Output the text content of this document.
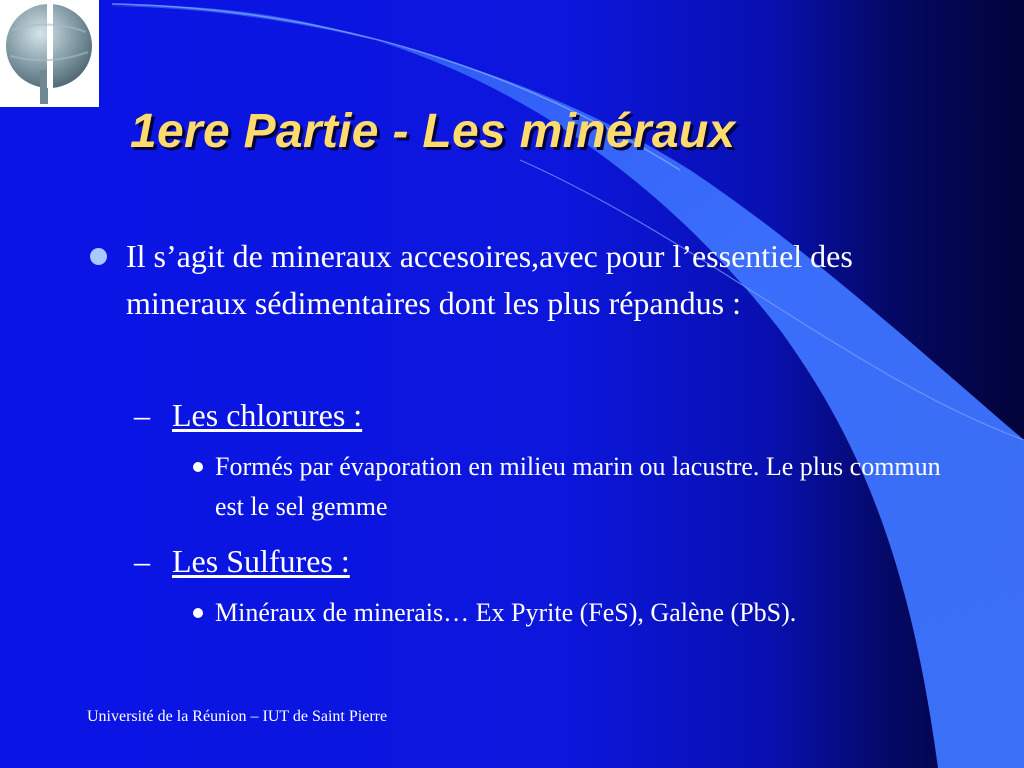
1ere Partie - Les minéraux

Il s’agit de mineraux accesoires,avec pour l’essentiel des mineraux sédimentaires dont les plus répandus :

– Les chlorures :

Formés par évaporation en milieu marin ou lacustre. Le plus commun est le sel gemme

– Les Sulfures :

Minéraux de minerais… Ex Pyrite (FeS), Galène (PbS).

Université de la Réunion – IUT de Saint Pierre
